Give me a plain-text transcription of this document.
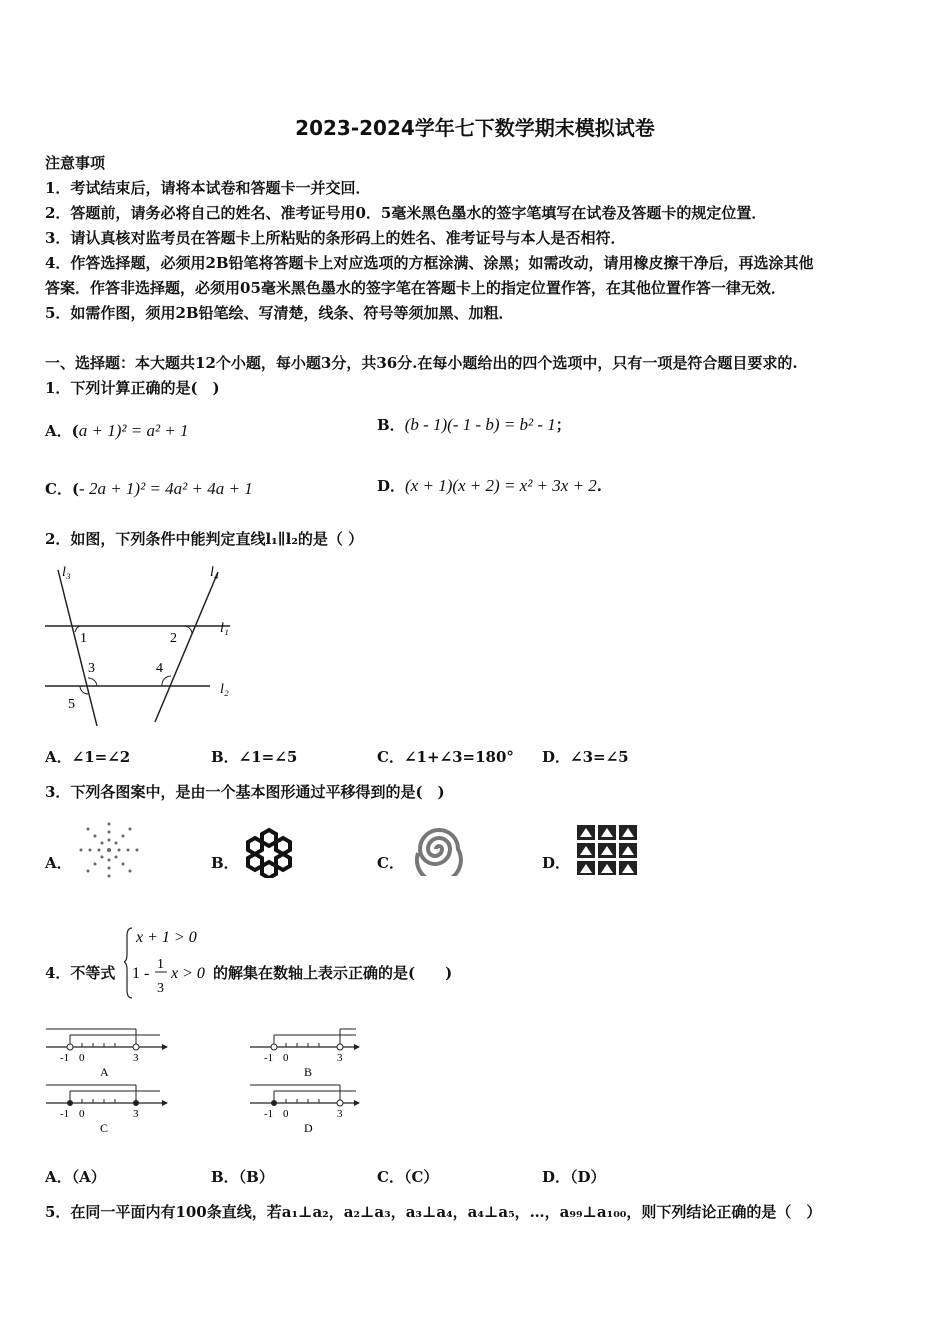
2023-2024学年七下数学期末模拟试卷
注意事项
1．考试结束后，请将本试卷和答题卡一并交回．
2．答题前，请务必将自己的姓名、准考证号用0．5毫米黑色墨水的签字笔填写在试卷及答题卡的规定位置．
3．请认真核对监考员在答题卡上所粘贴的条形码上的姓名、准考证号与本人是否相符．
4．作答选择题，必须用2B铅笔将答题卡上对应选项的方框涂满、涂黑；如需改动，请用橡皮擦干净后，再选涂其他
答案．作答非选择题，必须用05毫米黑色墨水的签字笔在答题卡上的指定位置作答，在其他位置作答一律无效．
5．如需作图，须用2B铅笔绘、写清楚，线条、符号等须加黑、加粗．
一、选择题：本大题共12个小题，每小题3分，共36分.在每小题给出的四个选项中，只有一项是符合题目要求的.
1．下列计算正确的是(　)
A．(a + 1)² = a² + 1	B．(b - 1)(- 1 - b) = b² - 1；
C．(- 2a + 1)² = 4a² + 4a + 1	D．(x + 1)(x + 2) = x² + 3x + 2.
2．如图，下列条件中能判定直线l₁∥l₂的是（ ）
l₃	l₄
l₁
l₂
1	2
3	4
5
A．∠1=∠2	B．∠1=∠5	C．∠1+∠3=180° D．∠3=∠5
3．下列各图案中，是由一个基本图形通过平移得到的是(　)
A．	B．	C．	D．
4．不等式
x + 1 > 0
1 -
1
3
x > 0 的解集在数轴上表示正确的是(　　)
-1 0	3
A
-1 0	3
B
-1 0	3
C
-1 0	3
D
A．（A）	B．（B）	C．（C）	D．（D）
5．在同一平面内有100条直线，若a₁⊥a₂，a₂⊥a₃，a₃⊥a₄，a₄⊥a₅，…，a₉₉⊥a₁₀₀，则下列结论正确的是（　）
